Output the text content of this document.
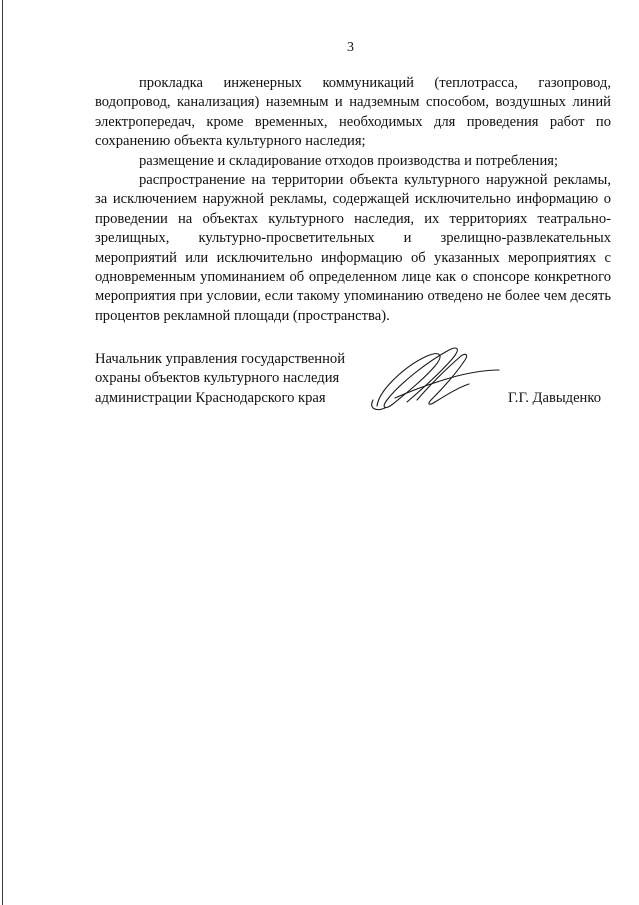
3

прокладка инженерных коммуникаций (теплотрасса, газопровод, водопровод, канализация) наземным и надземным способом, воздушных линий электропередач, кроме временных, необходимых для проведения работ по сохранению объекта культурного наследия;

размещение и складирование отходов производства и потребления;

распространение на территории объекта культурного наружной рекламы, за исключением наружной рекламы, содержащей исключительно информацию о проведении на объектах культурного наследия, их территориях театрально-зрелищных, культурно-просветительных и зрелищно-развлекательных мероприятий или исключительно информацию об указанных мероприятиях с одновременным упоминанием об определенном лице как о спонсоре конкретного мероприятия при условии, если такому упоминанию отведено не более чем десять процентов рекламной площади (пространства).

Начальник управления государственной
охраны объектов культурного наследия
администрации Краснодарского края	Г.Г. Давыденко
